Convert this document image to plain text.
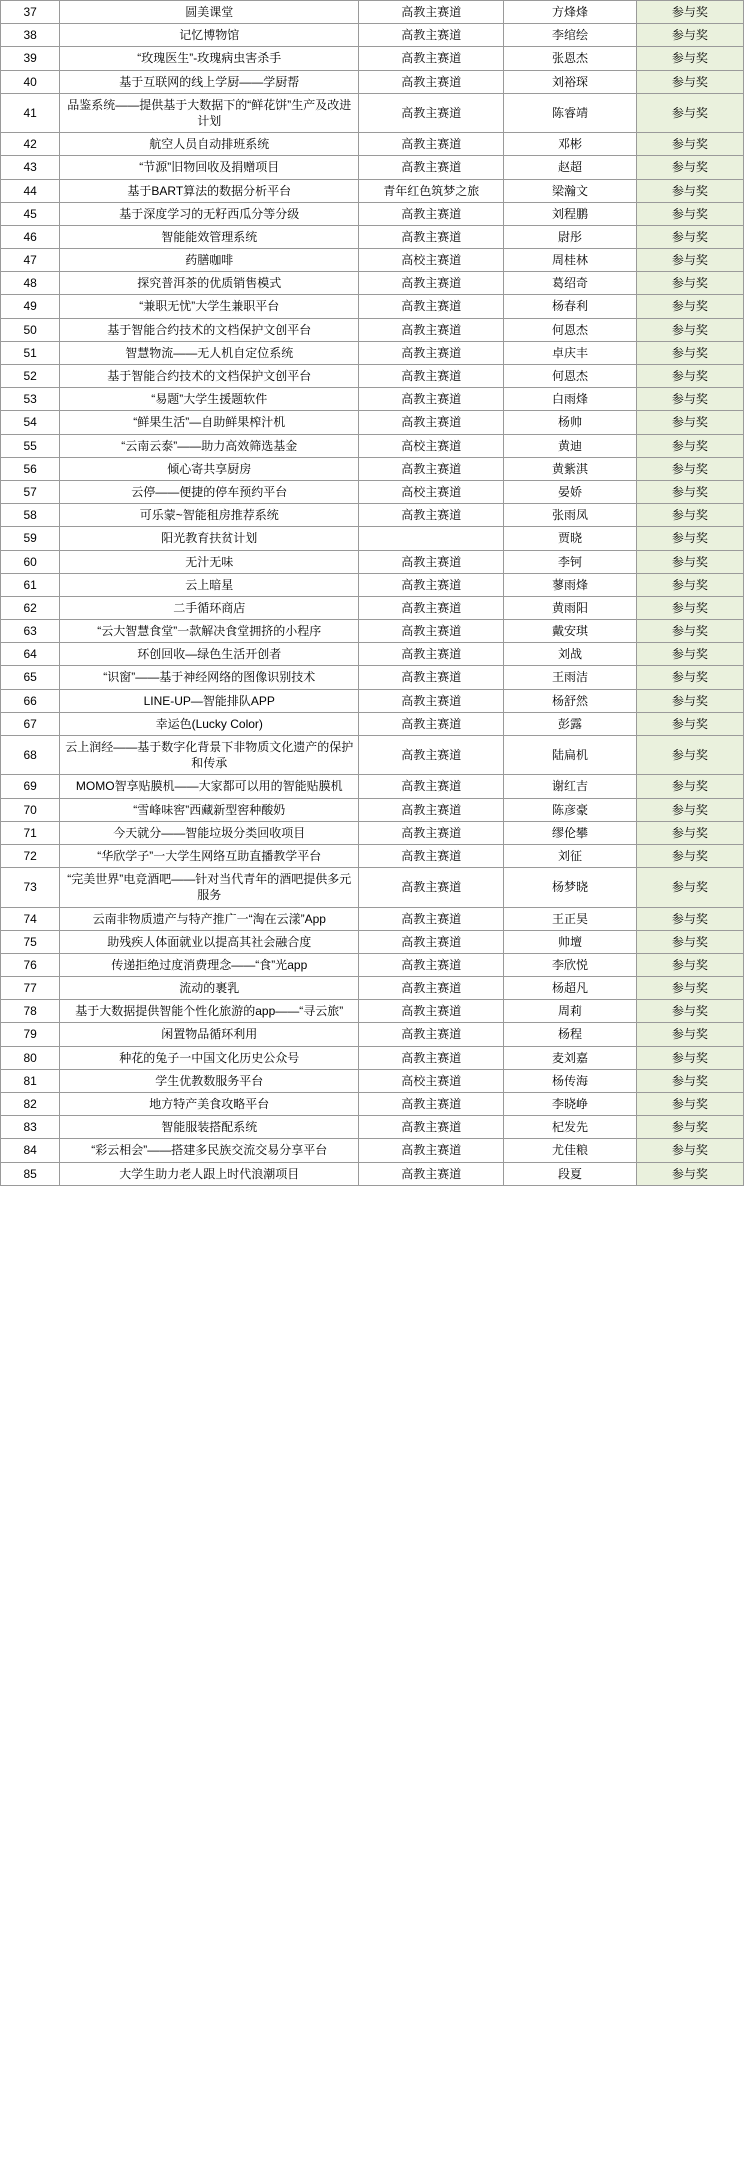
37	圆美课堂	高教主赛道	方烽烽	参与奖
38	记忆博物馆	高教主赛道	李绾绘	参与奖
39	“玫瑰医生”-玫瑰病虫害杀手	高教主赛道	张恩杰	参与奖
40	基于互联网的线上学厨——学厨帮	高教主赛道	刘裕琛	参与奖
41	品鉴系统——提供基于大数据下的“鲜花饼”生产及改进计划	高教主赛道	陈睿靖	参与奖
42	航空人员自动排班系统	高教主赛道	邓彬	参与奖
43	“节源”旧物回收及捐赠项目	高教主赛道	赵超	参与奖
44	基于BART算法的数据分析平台	青年红色筑梦之旅	梁瀚文	参与奖
45	基于深度学习的无籽西瓜分等分级	高教主赛道	刘程鹏	参与奖
46	智能能效管理系统	高教主赛道	尉彤	参与奖
47	药膳咖啡	高校主赛道	周桂林	参与奖
48	探究普洱茶的优质销售模式	高教主赛道	葛绍奇	参与奖
49	“兼职无忧”大学生兼职平台	高教主赛道	杨春利	参与奖
50	基于智能合约技术的文档保护文创平台	高教主赛道	何恩杰	参与奖
51	智慧物流——无人机自定位系统	高教主赛道	卓庆丰	参与奖
52	基于智能合约技术的文档保护文创平台	高教主赛道	何恩杰	参与奖
53	“易题”大学生援题软件	高教主赛道	白雨烽	参与奖
54	“鲜果生活”—自助鲜果榨汁机	高教主赛道	杨帅	参与奖
55	“云南云泰”——助力高效筛选基金	高校主赛道	黄迪	参与奖
56	倾心寄共享厨房	高教主赛道	黄紫淇	参与奖
57	云停——便捷的停车预约平台	高校主赛道	晏娇	参与奖
58	可乐蒙~智能租房推荐系统	高教主赛道	张雨凤	参与奖
59	阳光教育扶贫计划		贾晓	参与奖
60	无汁无味	高教主赛道	李钶	参与奖
61	云上暗星	高教主赛道	蓼雨烽	参与奖
62	二手循环商店	高教主赛道	黄雨阳	参与奖
63	“云大智慧食堂”一款解决食堂拥挤的小程序	高教主赛道	戴安琪	参与奖
64	环创回收—绿色生活开创者	高教主赛道	刘战	参与奖
65	“识窗”——基于神经网络的图像识别技术	高教主赛道	王雨洁	参与奖
66	LINE-UP—智能排队APP	高教主赛道	杨舒然	参与奖
67	幸运色(Lucky Color)	高教主赛道	彭露	参与奖
68	云上润经——基于数字化背景下非物质文化遗产的保护和传承	高教主赛道	陆扁机	参与奖
69	MOMO智享贴膜机——大家都可以用的智能贴膜机	高教主赛道	谢红吉	参与奖
70	“雪峰味窖”西藏新型窖种酸奶	高教主赛道	陈彦豪	参与奖
71	今天就分——智能垃圾分类回收项目	高教主赛道	缪伦攀	参与奖
72	“华欣学子”一大学生网络互助直播教学平台	高教主赛道	刘征	参与奖
73	“完美世界”电竞酒吧——针对当代青年的酒吧提供多元服务	高教主赛道	杨梦晓	参与奖
74	云南非物质遗产与特产推广一“淘在云漾”App	高教主赛道	王正昊	参与奖
75	助残疾人体面就业以提高其社会融合度	高教主赛道	帅壇	参与奖
76	传递拒绝过度消费理念——“食”光app	高教主赛道	李欣悦	参与奖
77	流动的裹乳	高教主赛道	杨超凡	参与奖
78	基于大数据提供智能个性化旅游的app——“寻云旅”	高教主赛道	周莉	参与奖
79	闲置物品循环利用	高教主赛道	杨程	参与奖
80	种花的兔子一中国文化历史公众号	高教主赛道	麦刘嘉	参与奖
81	学生优教数服务平台	高校主赛道	杨传海	参与奖
82	地方特产美食攻略平台	高教主赛道	李晓峥	参与奖
83	智能服装搭配系统	高教主赛道	杞发先	参与奖
84	“彩云相会”——搭建多民族交流交易分享平台	高教主赛道	尤佳粮	参与奖
85	大学生助力老人跟上时代浪潮项目	高教主赛道	段夏	参与奖
